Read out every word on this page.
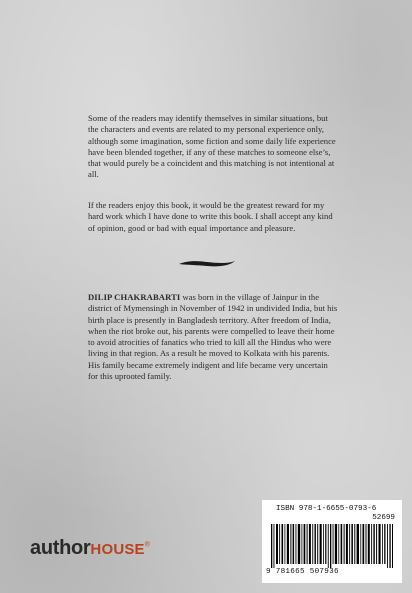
Some of the readers may identify themselves in similar situations, but the characters and events are related to my personal experience only, although some imagination, some fiction and some daily life experience have been blended together, if any of these matches to someone else’s, that would purely be a coincident and this matching is not intentional at all.

If the readers enjoy this book, it would be the greatest reward for my hard work which I have done to write this book. I shall accept any kind of opinion, good or bad with equal importance and pleasure.

DILIP CHAKRABARTI was born in the village of Jainpur in the district of Mymensingh in November of 1942 in undivided India, but his birth place is presently in Bangladesh territory. After freedom of India, when the riot broke out, his parents were compelled to leave their home to avoid atrocities of fanatics who tried to kill all the Hindus who were living in that region. As a result he moved to Kolkata with his parents. His family became extremely indigent and life became very uncertain for this uprooted family.

authorHOUSE®
ISBN 978-1-6655-0793-6
52699
9 781665 507936
